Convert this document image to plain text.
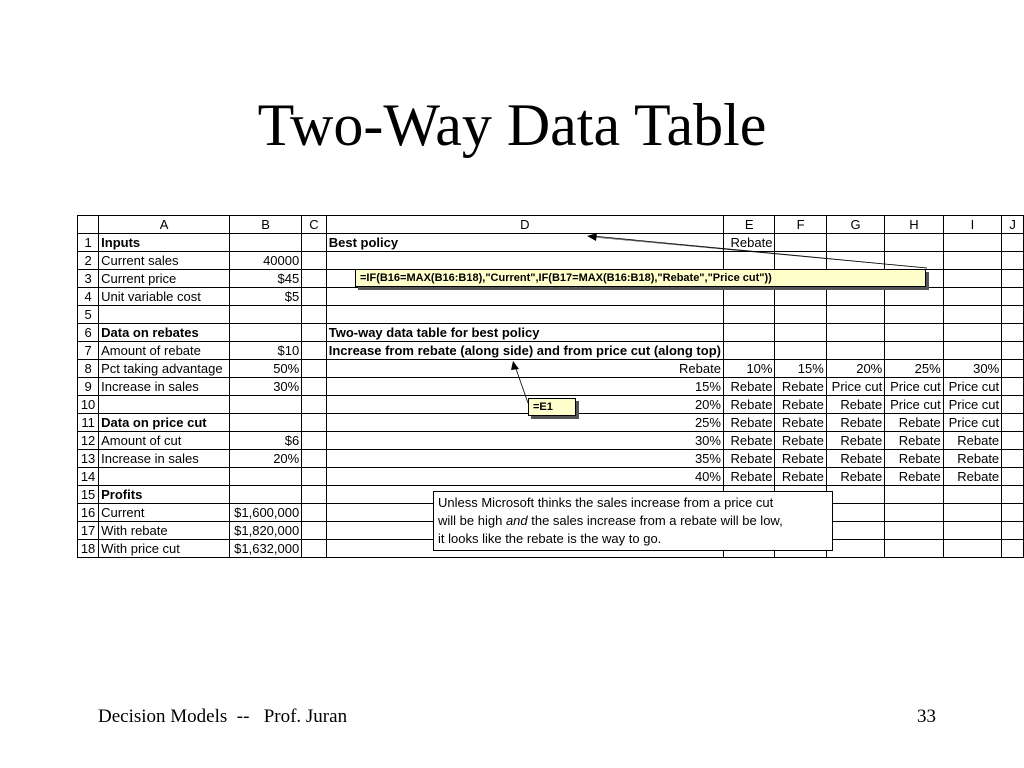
Two-Way Data Table
	A	B	C	D	E	F	G	H	I	J
1	Inputs			Best policy	Rebate					
2	Current sales	40000								
3	Current price	$45								
4	Unit variable cost	$5								
5										
6	Data on rebates			Two-way data table for best policy						
7	Amount of rebate	$10		Increase from rebate (along side) and from price cut (along top)						
8	Pct taking advantage	50%		Rebate	10%	15%	20%	25%	30%	
9	Increase in sales	30%		15%	Rebate	Rebate	Price cut	Price cut	Price cut	
10				20%	Rebate	Rebate	Rebate	Price cut	Price cut	
11	Data on price cut			25%	Rebate	Rebate	Rebate	Rebate	Price cut	
12	Amount of cut	$6		30%	Rebate	Rebate	Rebate	Rebate	Rebate	
13	Increase in sales	20%		35%	Rebate	Rebate	Rebate	Rebate	Rebate	
14				40%	Rebate	Rebate	Rebate	Rebate	Rebate	
15	Profits									
16	Current	$1,600,000								
17	With rebate	$1,820,000								
18	With price cut	$1,632,000								
=IF(B16=MAX(B16:B18),"Current",IF(B17=MAX(B16:B18),"Rebate","Price cut"))
=E1
Unless Microsoft thinks the sales increase from a price cut
will be high and the sales increase from a rebate will be low,
it looks like the rebate is the way to go.
Decision Models  --   Prof. Juran	33
